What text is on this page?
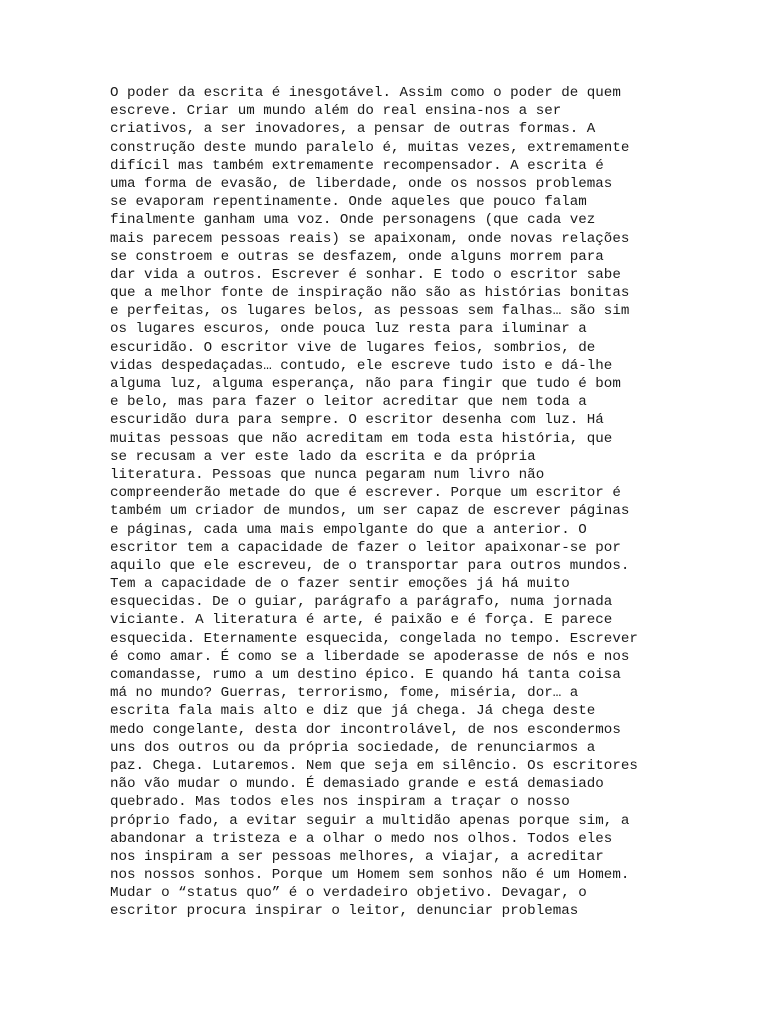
O poder da escrita é inesgotável. Assim como o poder de quem
escreve. Criar um mundo além do real ensina-nos a ser
criativos, a ser inovadores, a pensar de outras formas. A
construção deste mundo paralelo é, muitas vezes, extremamente
difícil mas também extremamente recompensador. A escrita é
uma forma de evasão, de liberdade, onde os nossos problemas
se evaporam repentinamente. Onde aqueles que pouco falam
finalmente ganham uma voz. Onde personagens (que cada vez
mais parecem pessoas reais) se apaixonam, onde novas relações
se constroem e outras se desfazem, onde alguns morrem para
dar vida a outros. Escrever é sonhar. E todo o escritor sabe
que a melhor fonte de inspiração não são as histórias bonitas
e perfeitas, os lugares belos, as pessoas sem falhas… são sim
os lugares escuros, onde pouca luz resta para iluminar a
escuridão. O escritor vive de lugares feios, sombrios, de
vidas despedaçadas… contudo, ele escreve tudo isto e dá-lhe
alguma luz, alguma esperança, não para fingir que tudo é bom
e belo, mas para fazer o leitor acreditar que nem toda a
escuridão dura para sempre. O escritor desenha com luz. Há
muitas pessoas que não acreditam em toda esta história, que
se recusam a ver este lado da escrita e da própria
literatura. Pessoas que nunca pegaram num livro não
compreenderão metade do que é escrever. Porque um escritor é
também um criador de mundos, um ser capaz de escrever páginas
e páginas, cada uma mais empolgante do que a anterior. O
escritor tem a capacidade de fazer o leitor apaixonar-se por
aquilo que ele escreveu, de o transportar para outros mundos.
Tem a capacidade de o fazer sentir emoções já há muito
esquecidas. De o guiar, parágrafo a parágrafo, numa jornada
viciante. A literatura é arte, é paixão e é força. E parece
esquecida. Eternamente esquecida, congelada no tempo. Escrever
é como amar. É como se a liberdade se apoderasse de nós e nos
comandasse, rumo a um destino épico. E quando há tanta coisa
má no mundo? Guerras, terrorismo, fome, miséria, dor… a
escrita fala mais alto e diz que já chega. Já chega deste
medo congelante, desta dor incontrolável, de nos escondermos
uns dos outros ou da própria sociedade, de renunciarmos a
paz. Chega. Lutaremos. Nem que seja em silêncio. Os escritores
não vão mudar o mundo. É demasiado grande e está demasiado
quebrado. Mas todos eles nos inspiram a traçar o nosso
próprio fado, a evitar seguir a multidão apenas porque sim, a
abandonar a tristeza e a olhar o medo nos olhos. Todos eles
nos inspiram a ser pessoas melhores, a viajar, a acreditar
nos nossos sonhos. Porque um Homem sem sonhos não é um Homem.
Mudar o “status quo” é o verdadeiro objetivo. Devagar, o
escritor procura inspirar o leitor, denunciar problemas
